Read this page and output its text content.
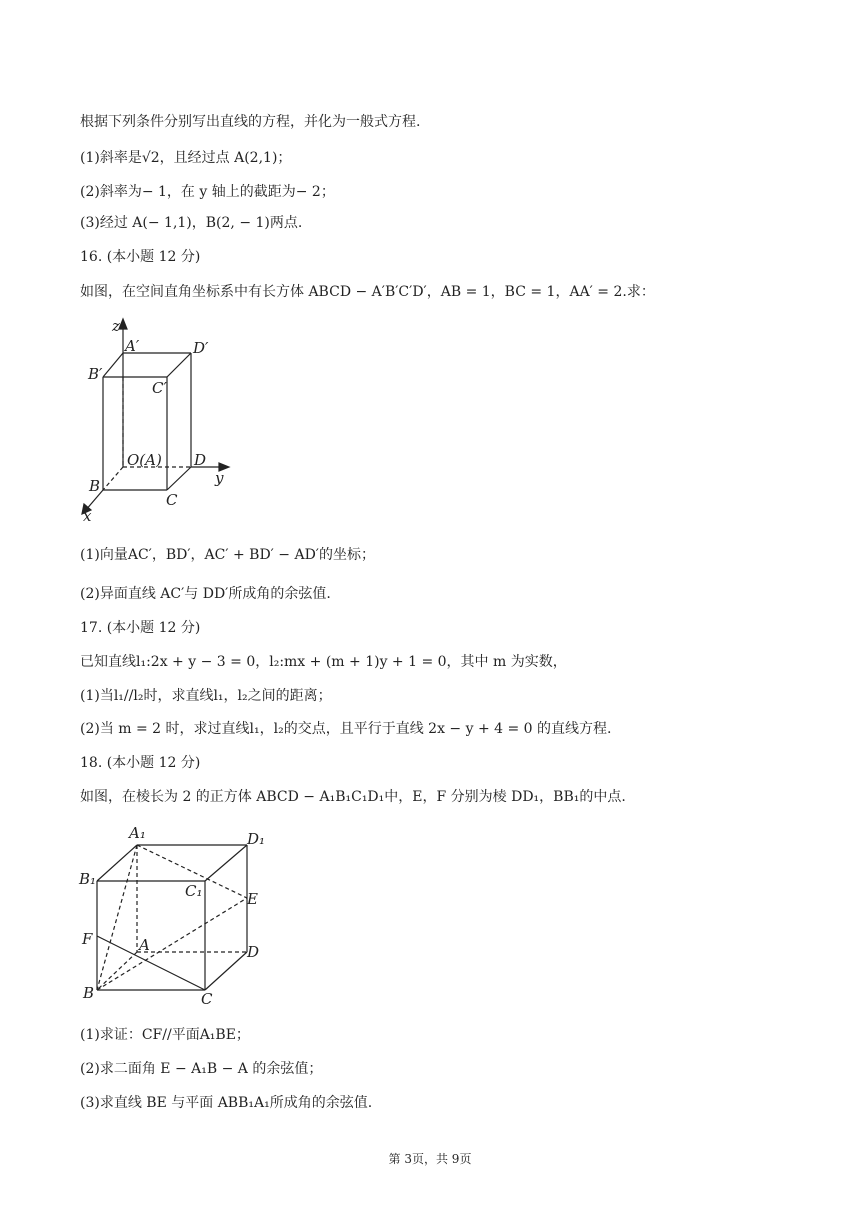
根据下列条件分别写出直线的方程，并化为一般式方程.
(1)斜率是√2，且经过点 A(2,1)；
(2)斜率为− 1，在 y 轴上的截距为− 2；
(3)经过 A(− 1,1)，B(2, − 1)两点.
16. (本小题 12 分)
如图，在空间直角坐标系中有长方体 ABCD − A′B′C′D′，AB = 1，BC = 1，AA′ = 2.求：
z
A′	D′
B′
C′
O(A) D
y
B
C
x
(1)向量AC′，BD′，AC′ + BD′ − AD′的坐标；
(2)异面直线 AC′与 DD′所成角的余弦值.
17. (本小题 12 分)
已知直线l₁:2x + y − 3 = 0，l₂:mx + (m + 1)y + 1 = 0，其中 m 为实数，
(1)当l₁//l₂时，求直线l₁，l₂之间的距离；
(2)当 m = 2 时，求过直线l₁，l₂的交点，且平行于直线 2x − y + 4 = 0 的直线方程.
18. (本小题 12 分)
如图，在棱长为 2 的正方体 ABCD − A₁B₁C₁D₁中，E，F 分别为棱 DD₁，BB₁的中点.
A₁	D₁
B₁
C₁	E
F	A	D
B	C
(1)求证：CF//平面A₁BE；
(2)求二面角 E − A₁B − A 的余弦值；
(3)求直线 BE 与平面 ABB₁A₁所成角的余弦值.
第 3页，共 9页
